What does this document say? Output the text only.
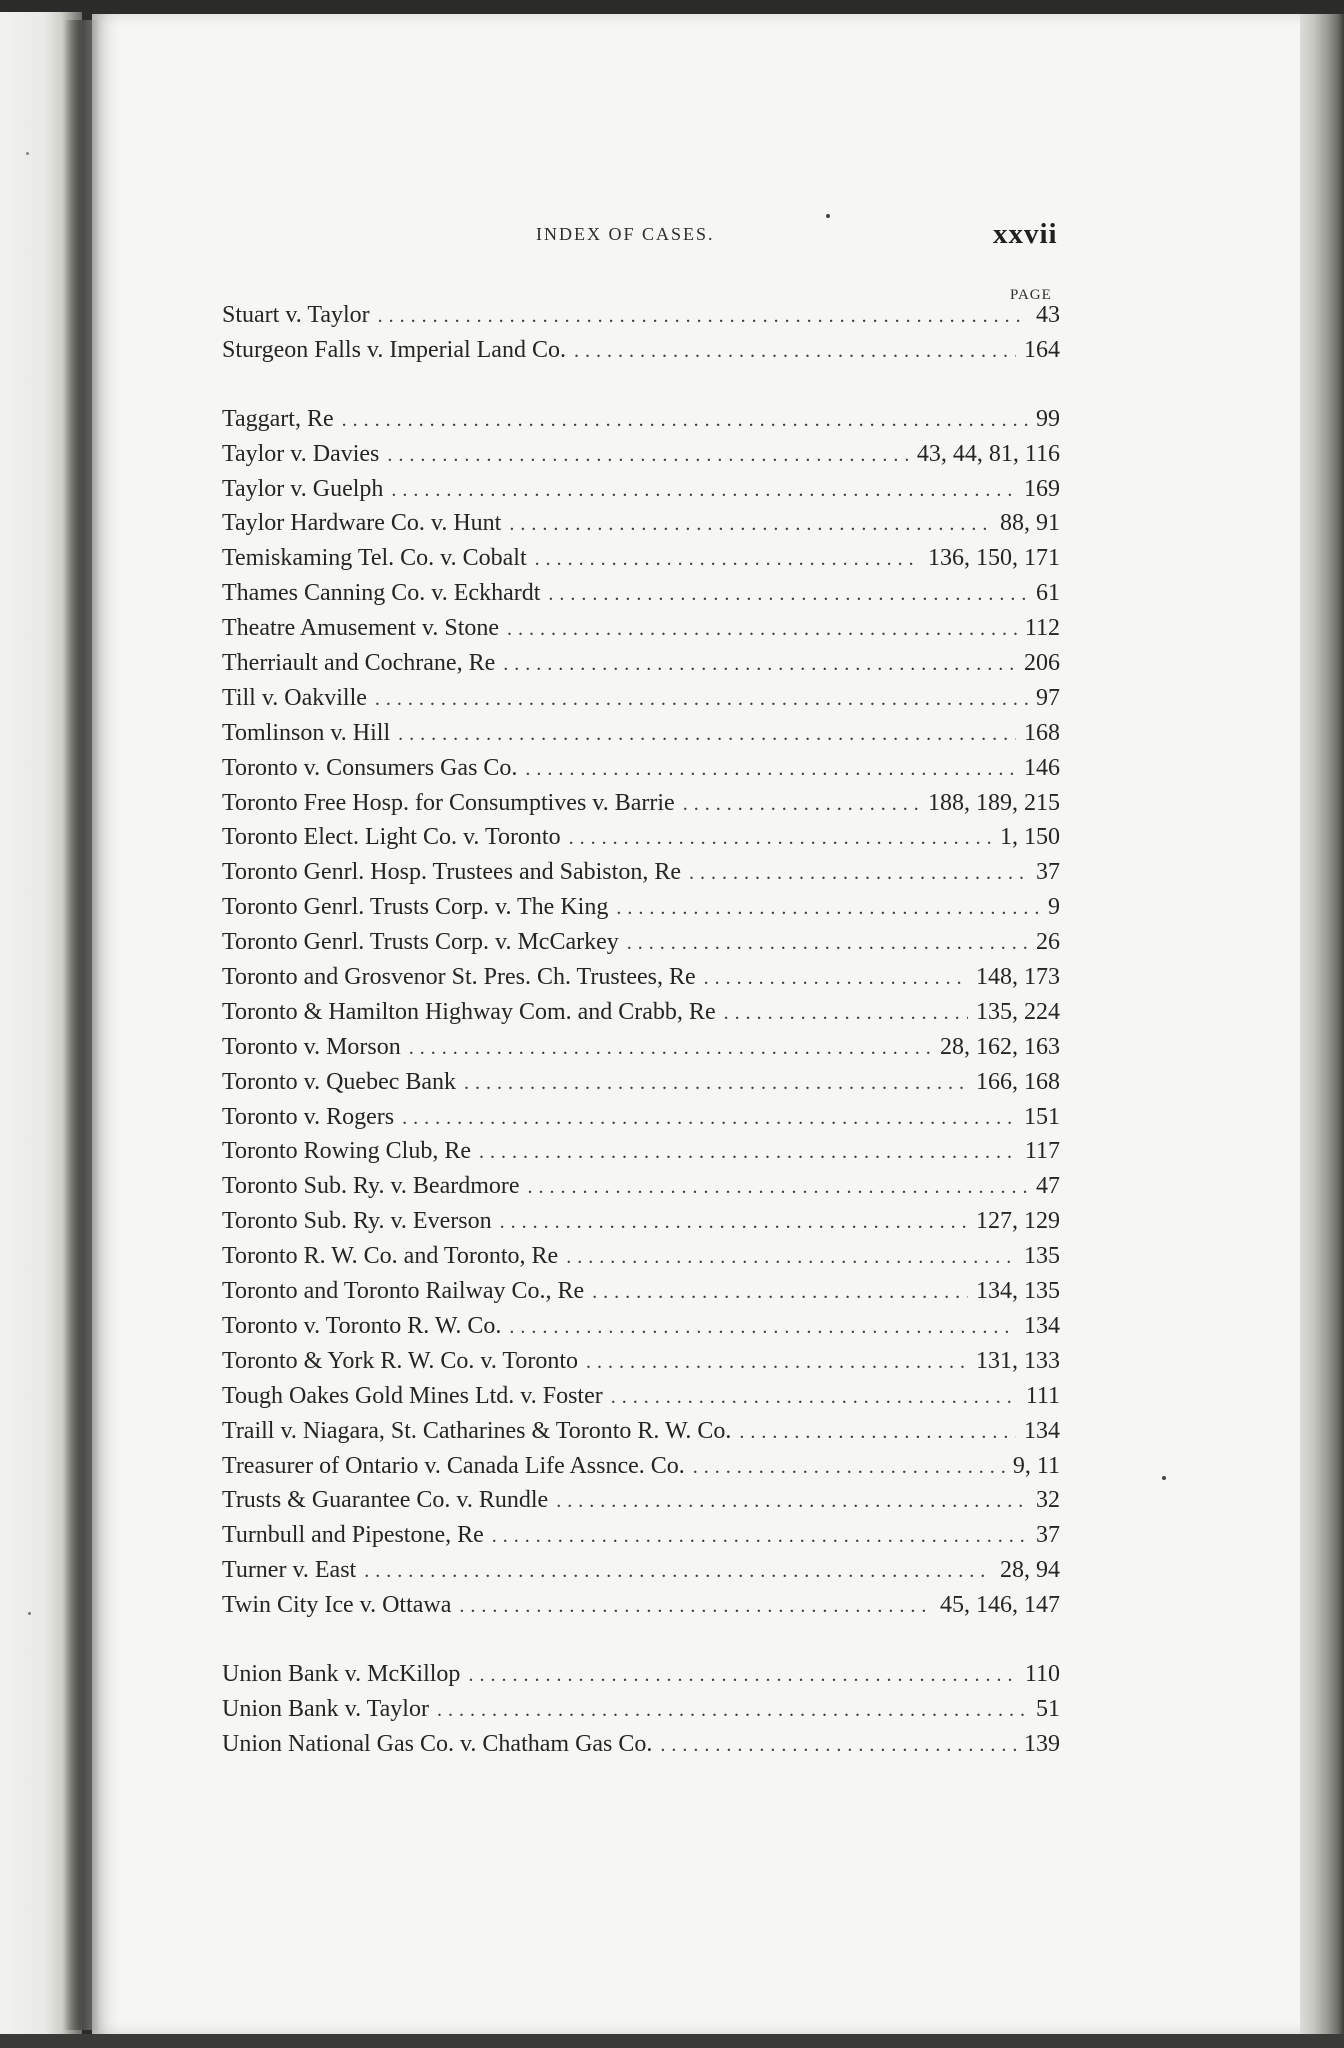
INDEX OF CASES.	xxvii
PAGE
Stuart v. Taylor .....	43
Sturgeon Falls v. Imperial Land Co. .....	164
Taggart, Re .....	99
Taylor v. Davies .....	43, 44, 81, 116
Taylor v. Guelph .....	169
Taylor Hardware Co. v. Hunt .....	88, 91
Temiskaming Tel. Co. v. Cobalt .....	136, 150, 171
Thames Canning Co. v. Eckhardt .....	61
Theatre Amusement v. Stone .....	112
Therriault and Cochrane, Re .....	206
Till v. Oakville .....	97
Tomlinson v. Hill .....	168
Toronto v. Consumers Gas Co. .....	146
Toronto Free Hosp. for Consumptives v. Barrie .....	188, 189, 215
Toronto Elect. Light Co. v. Toronto .....	1, 150
Toronto Genrl. Hosp. Trustees and Sabiston, Re .....	37
Toronto Genrl. Trusts Corp. v. The King .....	9
Toronto Genrl. Trusts Corp. v. McCarkey .....	26
Toronto and Grosvenor St. Pres. Ch. Trustees, Re .....	148, 173
Toronto & Hamilton Highway Com. and Crabb, Re .....	135, 224
Toronto v. Morson .....	28, 162, 163
Toronto v. Quebec Bank .....	166, 168
Toronto v. Rogers .....	151
Toronto Rowing Club, Re .....	117
Toronto Sub. Ry. v. Beardmore .....	47
Toronto Sub. Ry. v. Everson .....	127, 129
Toronto R. W. Co. and Toronto, Re .....	135
Toronto and Toronto Railway Co., Re .....	134, 135
Toronto v. Toronto R. W. Co. .....	134
Toronto & York R. W. Co. v. Toronto .....	131, 133
Tough Oakes Gold Mines Ltd. v. Foster .....	111
Traill v. Niagara, St. Catharines & Toronto R. W. Co. .....	134
Treasurer of Ontario v. Canada Life Assnce. Co. .....	9, 11
Trusts & Guarantee Co. v. Rundle .....	32
Turnbull and Pipestone, Re .....	37
Turner v. East .....	28, 94
Twin City Ice v. Ottawa .....	45, 146, 147
Union Bank v. McKillop .....	110
Union Bank v. Taylor .....	51
Union National Gas Co. v. Chatham Gas Co. .....	139
